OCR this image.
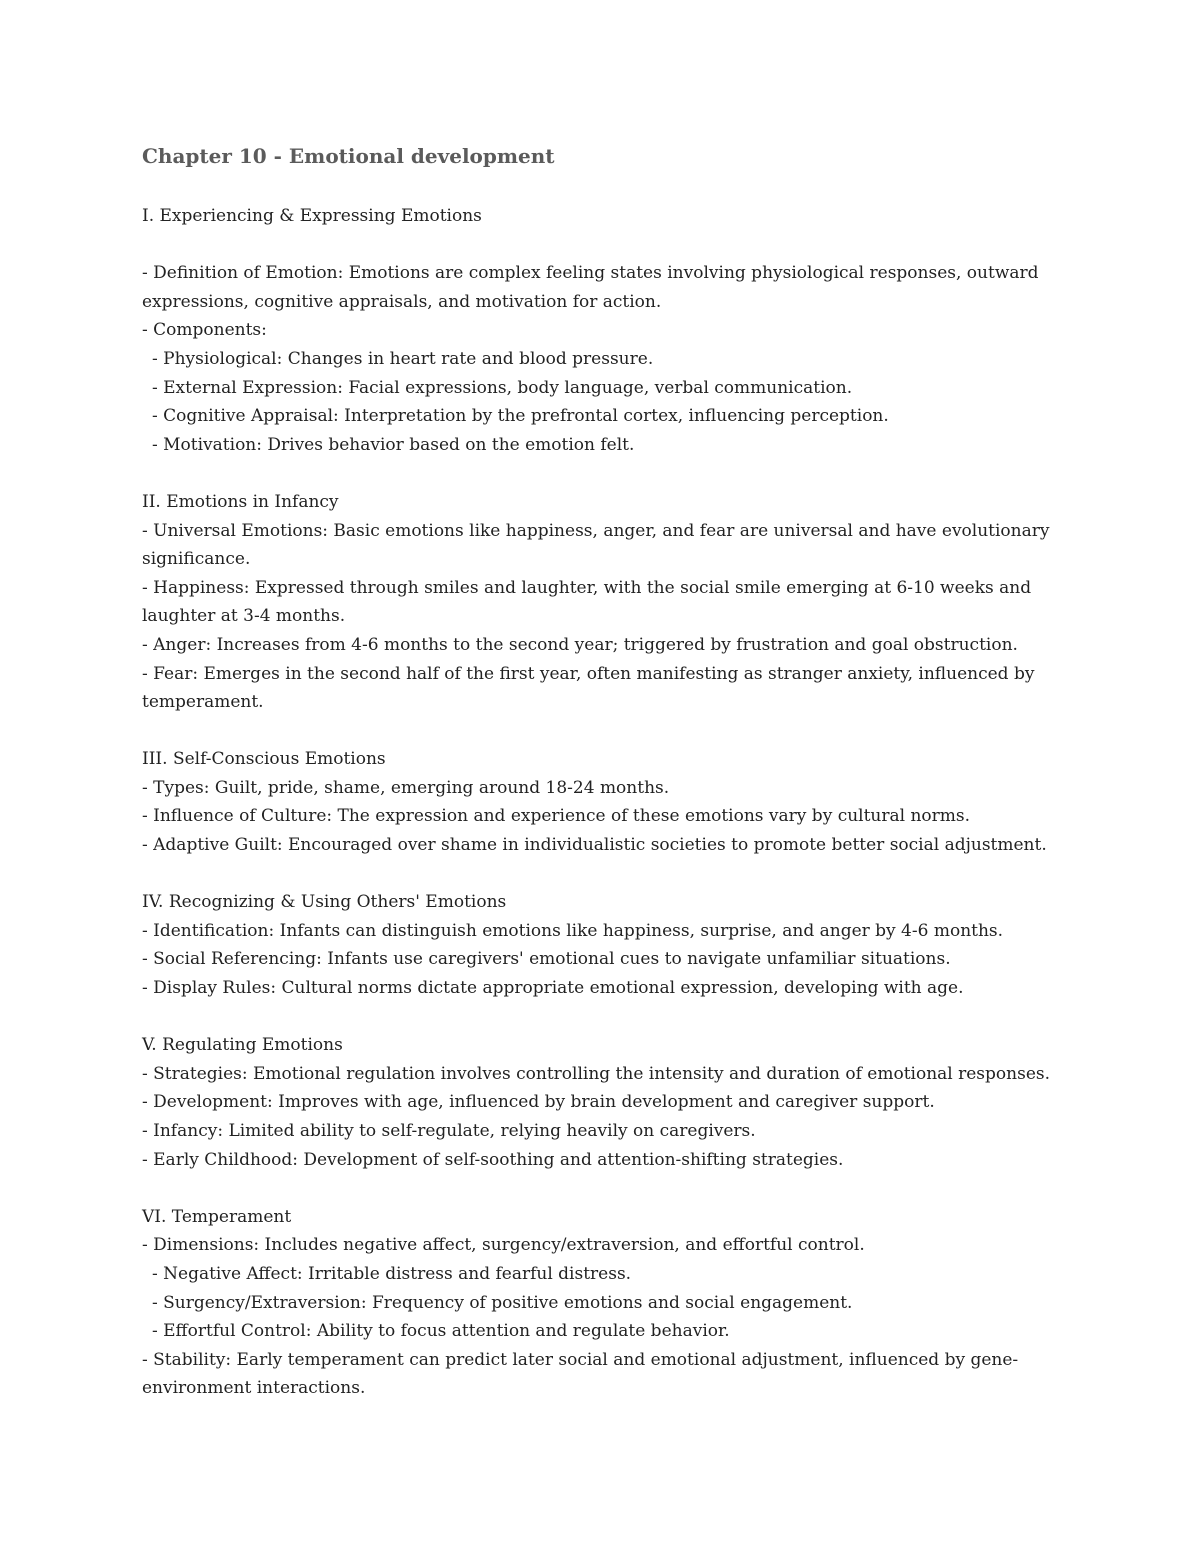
Chapter 10 - Emotional development

I. Experiencing & Expressing Emotions

- Definition of Emotion: Emotions are complex feeling states involving physiological responses, outward expressions, cognitive appraisals, and motivation for action.

- Components:

- Physiological: Changes in heart rate and blood pressure.

- External Expression: Facial expressions, body language, verbal communication.

- Cognitive Appraisal: Interpretation by the prefrontal cortex, influencing perception.

- Motivation: Drives behavior based on the emotion felt.

II. Emotions in Infancy

- Universal Emotions: Basic emotions like happiness, anger, and fear are universal and have evolutionary significance.

- Happiness: Expressed through smiles and laughter, with the social smile emerging at 6-10 weeks and laughter at 3-4 months.

- Anger: Increases from 4-6 months to the second year; triggered by frustration and goal obstruction.

- Fear: Emerges in the second half of the first year, often manifesting as stranger anxiety, influenced by temperament.

III. Self-Conscious Emotions

- Types: Guilt, pride, shame, emerging around 18-24 months.

- Influence of Culture: The expression and experience of these emotions vary by cultural norms.

- Adaptive Guilt: Encouraged over shame in individualistic societies to promote better social adjustment.

IV. Recognizing & Using Others' Emotions

- Identification: Infants can distinguish emotions like happiness, surprise, and anger by 4-6 months.

- Social Referencing: Infants use caregivers' emotional cues to navigate unfamiliar situations.

- Display Rules: Cultural norms dictate appropriate emotional expression, developing with age.

V. Regulating Emotions

- Strategies: Emotional regulation involves controlling the intensity and duration of emotional responses.

- Development: Improves with age, influenced by brain development and caregiver support.

- Infancy: Limited ability to self-regulate, relying heavily on caregivers.

- Early Childhood: Development of self-soothing and attention-shifting strategies.

VI. Temperament

- Dimensions: Includes negative affect, surgency/extraversion, and effortful control.

- Negative Affect: Irritable distress and fearful distress.

- Surgency/Extraversion: Frequency of positive emotions and social engagement.

- Effortful Control: Ability to focus attention and regulate behavior.

- Stability: Early temperament can predict later social and emotional adjustment, influenced by gene-environment interactions.
